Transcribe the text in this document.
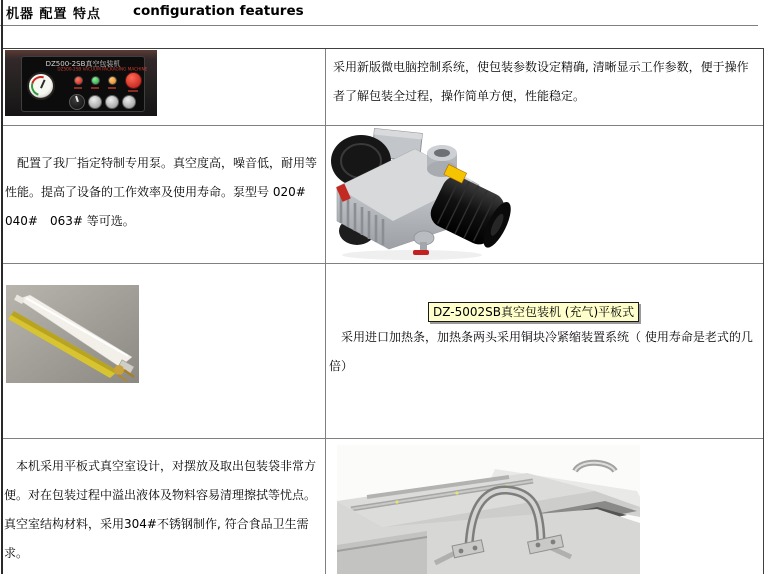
机器 配置 特点 configuration features
DZ500-2SB真空包装机
DZ500-2SB VACUUM PACKAGING MACHINE	采用新版微电脑控制系统，使包装参数设定精确, 清晰显示工作参数，便于操作者了解包装全过程，操作简单方便，性能稳定。
　配置了我厂指定特制专用泵。真空度高，噪音低，耐用等性能。提高了设备的工作效率及使用寿命。泵型号 020#　040#　063# 等可选。
DZ-5002SB真空包装机 (充气)平板式
　采用进口加热条，加热条两头采用铜块冷紧缩装置系统（ 使用寿命是老式的几倍）
　本机采用平板式真空室设计，对摆放及取出包装袋非常方便。对在包装过程中溢出液体及物料容易清理擦拭等忧点。真空室结构材料，采用304#不锈钢制作, 符合食品卫生需求。
